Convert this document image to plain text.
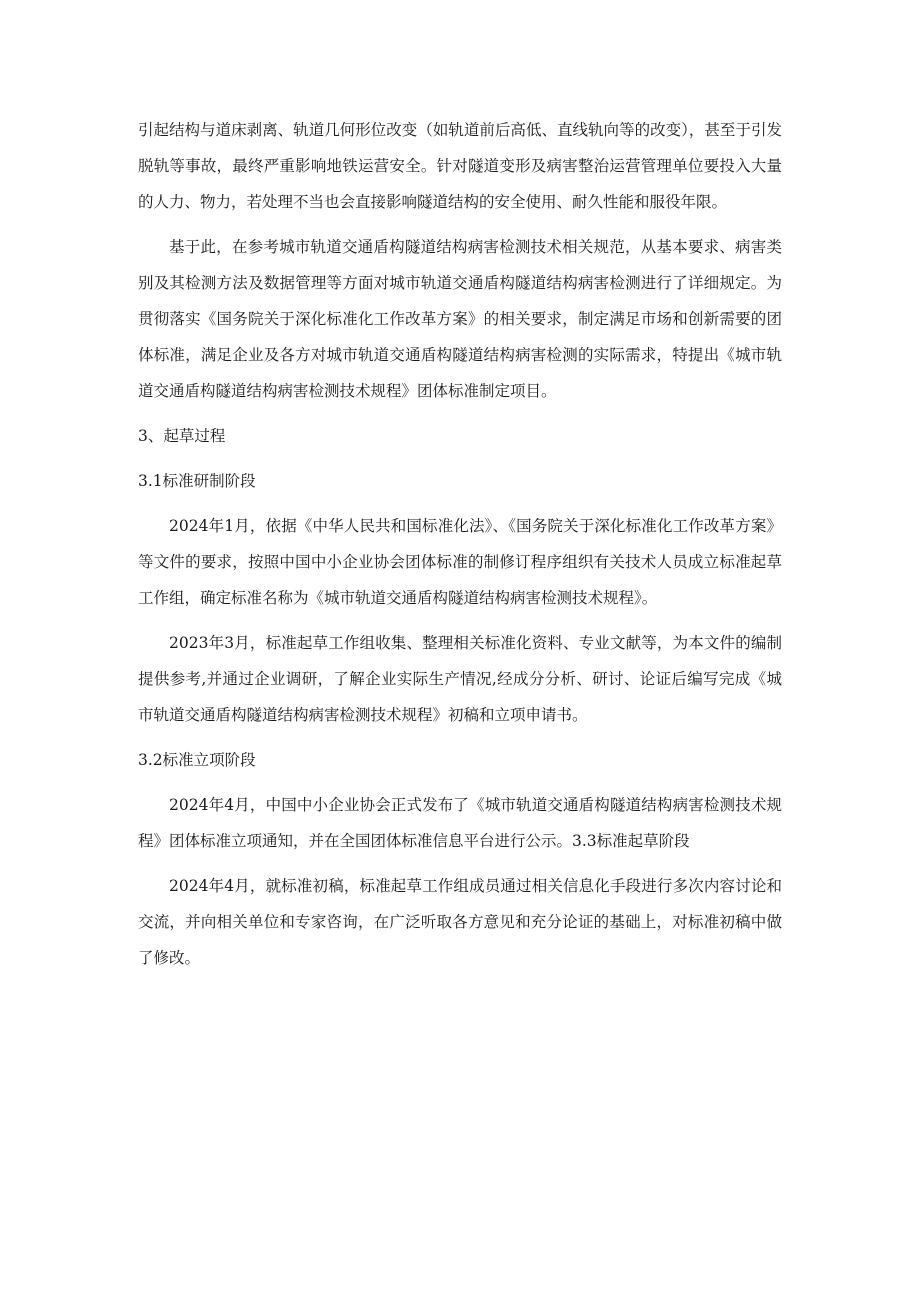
引起结构与道床剥离、轨道几何形位改变（如轨道前后高低、直线轨向等的改变），甚至于引发脱轨等事故，最终严重影响地铁运营安全。针对隧道变形及病害整治运营管理单位要投入大量的人力、物力，若处理不当也会直接影响隧道结构的安全使用、耐久性能和服役年限。

基于此，在参考城市轨道交通盾构隧道结构病害检测技术相关规范，从基本要求、病害类别及其检测方法及数据管理等方面对城市轨道交通盾构隧道结构病害检测进行了详细规定。为贯彻落实《国务院关于深化标准化工作改革方案》的相关要求，制定满足市场和创新需要的团体标准，满足企业及各方对城市轨道交通盾构隧道结构病害检测的实际需求，特提出《城市轨道交通盾构隧道结构病害检测技术规程》团体标准制定项目。

3、起草过程

3.1标准研制阶段

2024年1月，依据《中华人民共和国标准化法》、《国务院关于深化标准化工作改革方案》等文件的要求，按照中国中小企业协会团体标准的制修订程序组织有关技术人员成立标准起草工作组，确定标准名称为《城市轨道交通盾构隧道结构病害检测技术规程》。

2023年3月，标准起草工作组收集、整理相关标准化资料、专业文献等，为本文件的编制提供参考,并通过企业调研，了解企业实际生产情况,经成分分析、研讨、论证后编写完成《城市轨道交通盾构隧道结构病害检测技术规程》初稿和立项申请书。

3.2标准立项阶段

2024年4月，中国中小企业协会正式发布了《城市轨道交通盾构隧道结构病害检测技术规程》团体标准立项通知，并在全国团体标准信息平台进行公示。3.3标准起草阶段

2024年4月，就标准初稿，标准起草工作组成员通过相关信息化手段进行多次内容讨论和交流，并向相关单位和专家咨询，在广泛听取各方意见和充分论证的基础上，对标准初稿中做了修改。
